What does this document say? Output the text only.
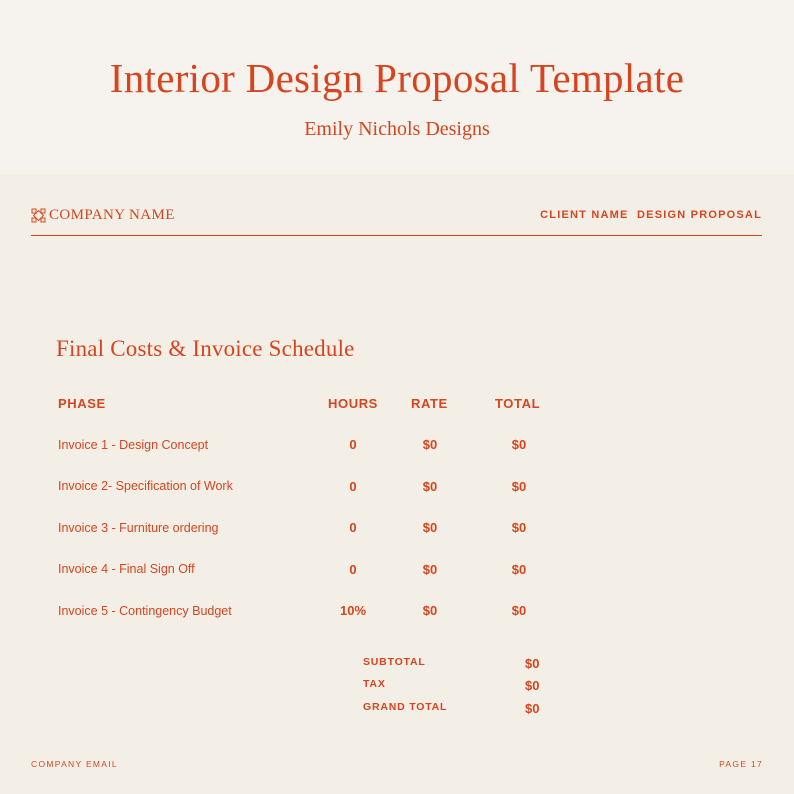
Interior Design Proposal Template
Emily Nichols Designs
COMPANY NAME	CLIENT NAME  DESIGN PROPOSAL
Final Costs & Invoice Schedule
PHASE	HOURS	RATE	TOTAL
Invoice 1 - Design Concept	0	$0	$0
Invoice 2- Specification of Work	0	$0	$0
Invoice 3 - Furniture ordering	0	$0	$0
Invoice 4 - Final Sign Off	0	$0	$0
Invoice 5 - Contingency Budget	10%	$0	$0
SUBTOTAL	$0
TAX	$0
GRAND TOTAL	$0
COMPANY EMAIL	PAGE 17
